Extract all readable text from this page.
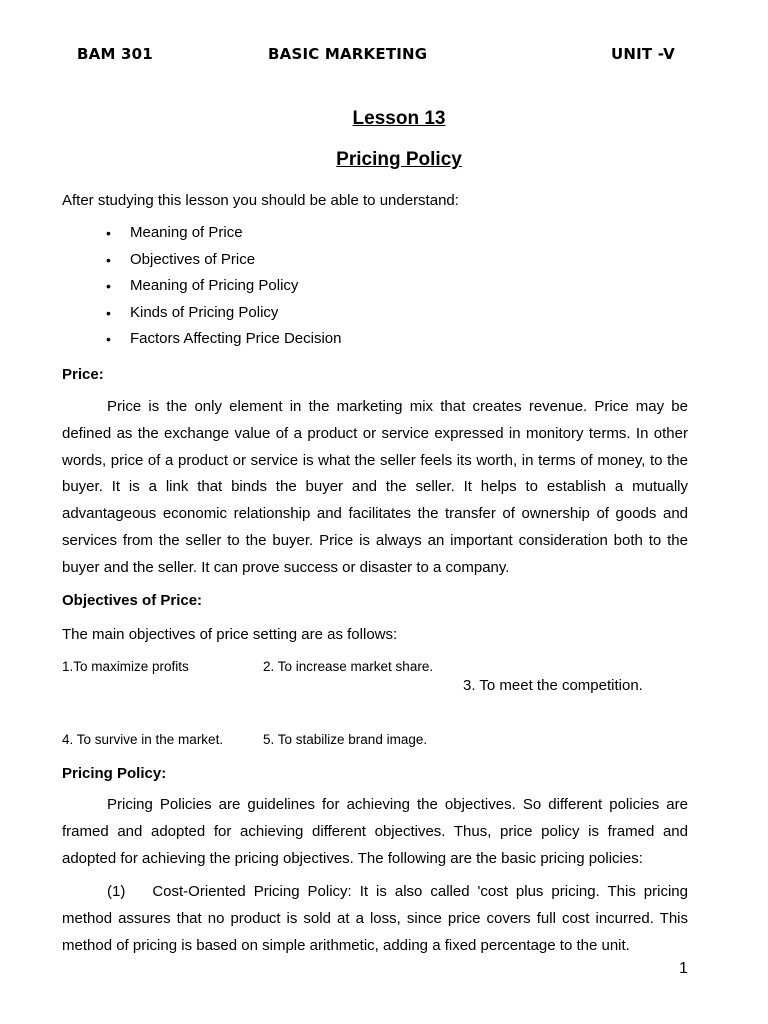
BAM 301	BASIC MARKETING	UNIT -V
Lesson 13
Pricing Policy
After studying this lesson you should be able to understand:
• Meaning of Price
• Objectives of Price
• Meaning of Pricing Policy
• Kinds of Pricing Policy
• Factors Affecting Price Decision
Price:

Price is the only element in the marketing mix that creates revenue. Price may be defined as the exchange value of a product or service expressed in monitory terms. In other words, price of a product or service is what the seller feels its worth, in terms of money, to the buyer. It is a link that binds the buyer and the seller. It helps to establish a mutually advantageous economic relationship and facilitates the transfer of ownership of goods and services from the seller to the buyer. Price is always an important consideration both to the buyer and the seller. It can prove success or disaster to a company.

Objectives of Price:
The main objectives of price setting are as follows:
1.To maximize profits	2. To increase market share.
3. To meet the competition.
4. To survive in the market.	5. To stabilize brand image.
Pricing Policy:

Pricing Policies are guidelines for achieving the objectives. So different policies are framed and adopted for achieving different objectives. Thus, price policy is framed and adopted for achieving the pricing objectives. The following are the basic pricing policies:

(1) Cost-Oriented Pricing Policy: It is also called 'cost plus pricing. This pricing method assures that no product is sold at a loss, since price covers full cost incurred. This method of pricing is based on simple arithmetic, adding a fixed percentage to the unit.

1
